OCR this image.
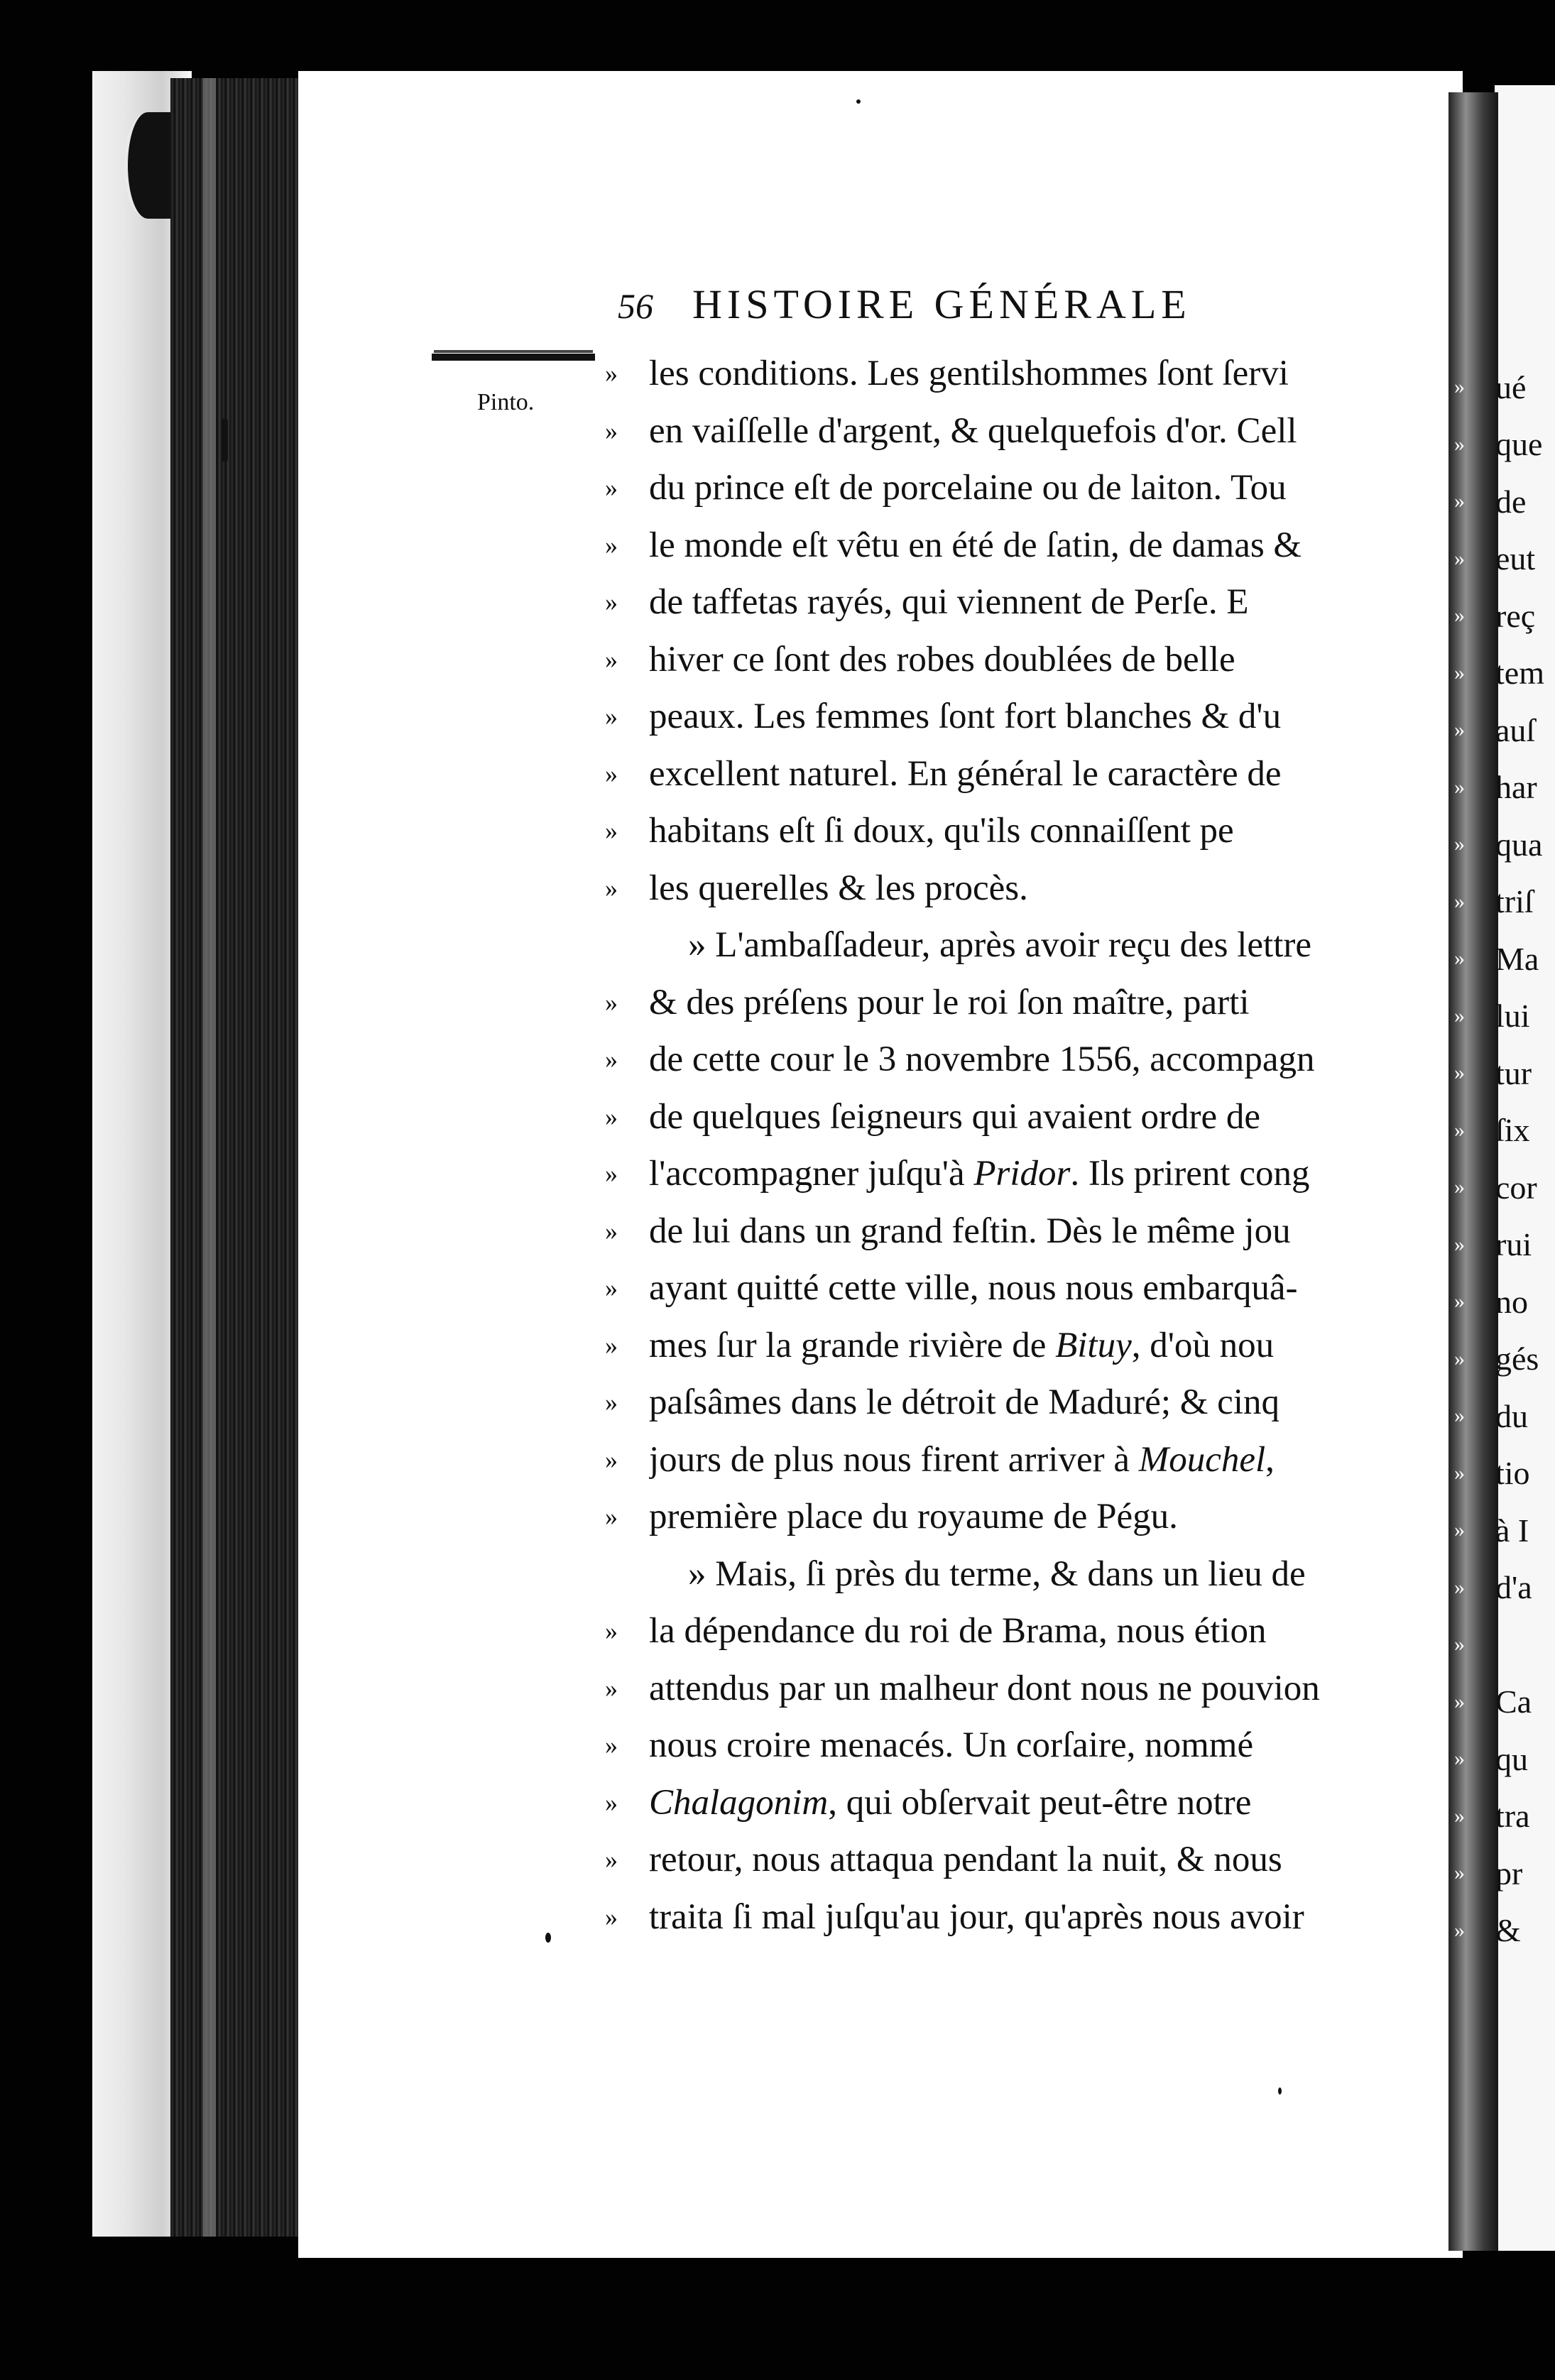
56 HISTOIRE GÉNÉRALE
Pinto.
» les conditions. Les gentilshommes ſont ſervi
» en vaiſſelle d'argent, & quelquefois d'or. Cell
» du prince eſt de porcelaine ou de laiton. Tou
» le monde eſt vêtu en été de ſatin, de damas &
» de taffetas rayés, qui viennent de Perſe. E
» hiver ce ſont des robes doublées de belle
» peaux. Les femmes ſont fort blanches & d'u
» excellent naturel. En général le caractère de
» habitans eſt ſi doux, qu'ils connaiſſent pe
» les querelles & les procès.
» L'ambaſſadeur, après avoir reçu des lettre
» & des préſens pour le roi ſon maître, parti
» de cette cour le 3 novembre 1556, accompagn
» de quelques ſeigneurs qui avaient ordre de
» l'accompagner juſqu'à Pridor. Ils prirent cong
» de lui dans un grand feſtin. Dès le même jou
» ayant quitté cette ville, nous nous embarquâ-
» mes ſur la grande rivière de Bituy, d'où nou
» paſsâmes dans le détroit de Maduré; & cinq
» jours de plus nous firent arriver à Mouchel,
» première place du royaume de Pégu.
» Mais, ſi près du terme, & dans un lieu de
» la dépendance du roi de Brama, nous étion
» attendus par un malheur dont nous ne pouvion
» nous croire menacés. Un corſaire, nommé
» Chalagonim, qui obſervait peut-être notre
» retour, nous attaqua pendant la nuit, & nous
» traita ſi mal juſqu'au jour, qu'après nous avoir
» ué
» que
» de
» eut
» reç
» tem
» auſ
» har
» qua
» triſ
» Ma
» lui
» tur
» ſix
» cor
» rui
» no
» gés
» du
» tio
» à I
» d'a
»
» Ca
» qu
» tra
» pr
» &
